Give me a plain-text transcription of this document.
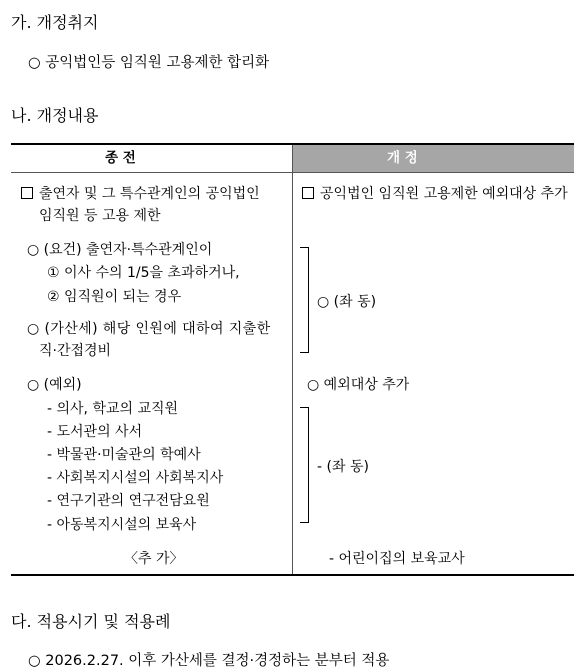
가. 개정취지
○ 공익법인등 임직원 고용제한 합리화
나. 개정내용
종 전	개 정
출연자 및 그 특수관계인의 공익법인
임직원 등 고용 제한
○ (요건) 출연자·특수관계인이
① 이사 수의 1/5을 초과하거나,
② 임직원이 되는 경우
○ (가산세) 해당 인원에 대하여 지출한
직·간접경비
○ (예외)
- 의사, 학교의 교직원
- 도서관의 사서
- 박물관·미술관의 학예사
- 사회복지시설의 사회복지사
- 연구기관의 연구전담요원
- 아동복지시설의 보육사
〈추 가〉
공익법인 임직원 고용제한 예외대상 추가
○ (좌 동)
○ 예외대상 추가
- (좌 동)
- 어린이집의 보육교사
다. 적용시기 및 적용례
○ 2026.2.27. 이후 가산세를 결정·경정하는 분부터 적용
